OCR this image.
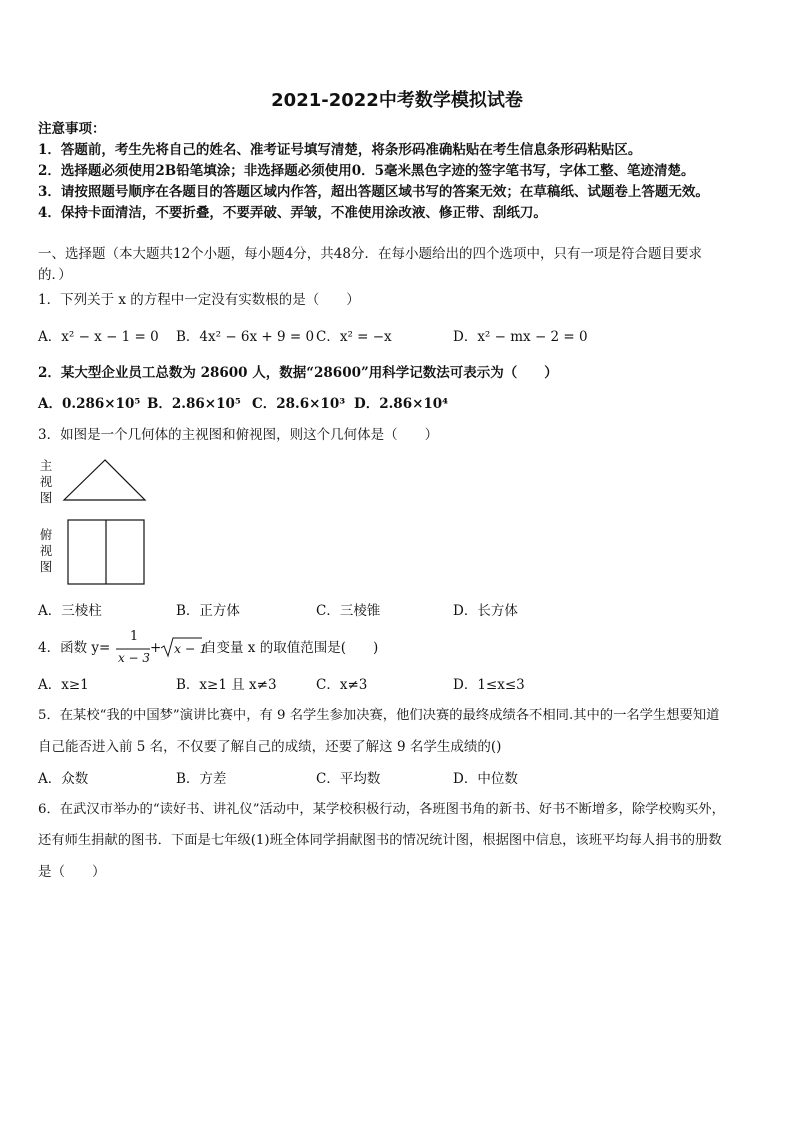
2021-2022中考数学模拟试卷
注意事项：
1．答题前，考生先将自己的姓名、准考证号填写清楚，将条形码准确粘贴在考生信息条形码粘贴区。
2．选择题必须使用2B铅笔填涂；非选择题必须使用0．5毫米黑色字迹的签字笔书写，字体工整、笔迹清楚。
3．请按照题号顺序在各题目的答题区域内作答，超出答题区域书写的答案无效；在草稿纸、试题卷上答题无效。
4．保持卡面清洁，不要折叠，不要弄破、弄皱，不准使用涂改液、修正带、刮纸刀。
一、选择题（本大题共12个小题，每小题4分，共48分．在每小题给出的四个选项中，只有一项是符合题目要求
的．）
1．下列关于 x 的方程中一定没有实数根的是（　　）
A．x² − x − 1 = 0 B．4x² − 6x + 9 = 0 C．x² = −x	D．x² − mx − 2 = 0
2．某大型企业员工总数为 28600 人，数据“28600”用科学记数法可表示为（　　）
A．0.286×10⁵ B．2.86×10⁵ C．28.6×10³ D．2.86×10⁴
3．如图是一个几何体的主视图和俯视图，则这个几何体是（　　）
主
视
图
俯
视
图
A．三棱柱	B．正方体	C．三棱锥	D．长方体
4．函数 y=
1
x − 3
+ x − 1
自变量 x 的取值范围是(　　)
A．x≥1	B．x≥1 且 x≠3	C．x≠3	D．1≤x≤3
5．在某校“我的中国梦”演讲比赛中，有 9 名学生参加决赛，他们决赛的最终成绩各不相同.其中的一名学生想要知道
自己能否进入前 5 名，不仅要了解自己的成绩，还要了解这 9 名学生成绩的()
A．众数	B．方差	C．平均数	D．中位数
6．在武汉市举办的“读好书、讲礼仪”活动中，某学校积极行动，各班图书角的新书、好书不断增多，除学校购买外，
还有师生捐献的图书．下面是七年级(1)班全体同学捐献图书的情况统计图，根据图中信息，该班平均每人捐书的册数
是（　　）
